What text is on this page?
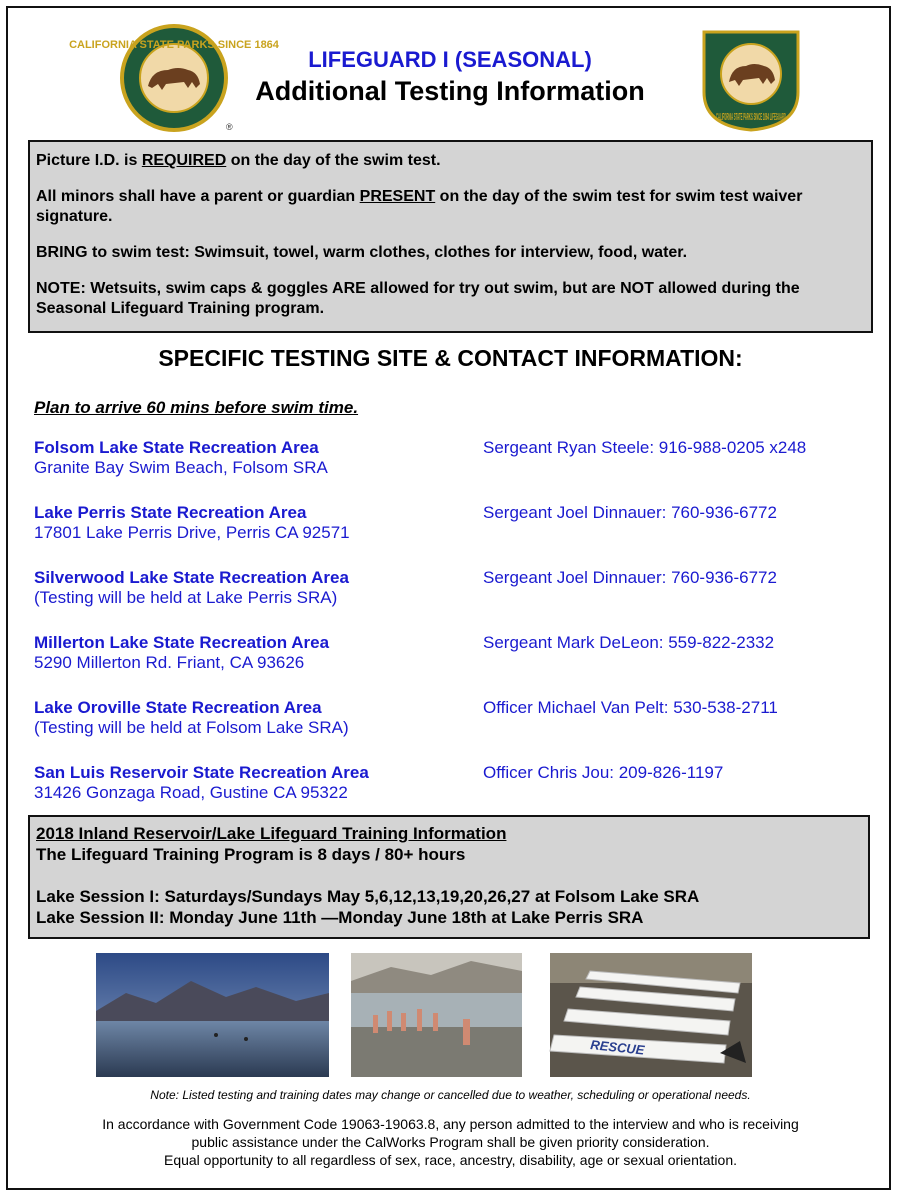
CALIFORNIA STATE PARKS SINCE 1864
®
CALIFORNIA STATE PARKS SINCE 1864 LIFEGUARD
LIFEGUARD I (SEASONAL)
Additional Testing Information

Picture I.D. is REQUIRED on the day of the swim test.

All minors shall have a parent or guardian PRESENT on the day of the swim test for swim test waiver signature.

BRING to swim test: Swimsuit, towel, warm clothes, clothes for interview, food, water.

NOTE: Wetsuits, swim caps & goggles ARE allowed for try out swim, but are NOT allowed during the Seasonal Lifeguard Training program.

SPECIFIC TESTING SITE & CONTACT INFORMATION:
Plan to arrive 60 mins before swim time.
Folsom Lake State Recreation Area
Granite Bay Swim Beach, Folsom SRA
Sergeant Ryan Steele: 916-988-0205 x248
Lake Perris State Recreation Area
17801 Lake Perris Drive, Perris CA 92571
Sergeant Joel Dinnauer: 760-936-6772
Silverwood Lake State Recreation Area
(Testing will be held at Lake Perris SRA)
Sergeant Joel Dinnauer: 760-936-6772
Millerton Lake State Recreation Area
5290 Millerton Rd. Friant, CA 93626
Sergeant Mark DeLeon: 559-822-2332
Lake Oroville State Recreation Area
(Testing will be held at Folsom Lake SRA)
Officer Michael Van Pelt: 530-538-2711
San Luis Reservoir State Recreation Area
31426 Gonzaga Road, Gustine CA 95322
Officer Chris Jou: 209-826-1197

2018 Inland Reservoir/Lake Lifeguard Training Information

The Lifeguard Training Program is 8 days / 80+ hours

Lake Session I: Saturdays/Sundays May 5,6,12,13,19,20,26,27 at Folsom Lake SRA

Lake Session II: Monday June 11th —Monday June 18th at Lake Perris SRA

RESCUE
Note: Listed testing and training dates may change or cancelled due to weather, scheduling or operational needs.
In accordance with Government Code 19063-19063.8, any person admitted to the interview and who is receiving
public assistance under the CalWorks Program shall be given priority consideration.
Equal opportunity to all regardless of sex, race, ancestry, disability, age or sexual orientation.
